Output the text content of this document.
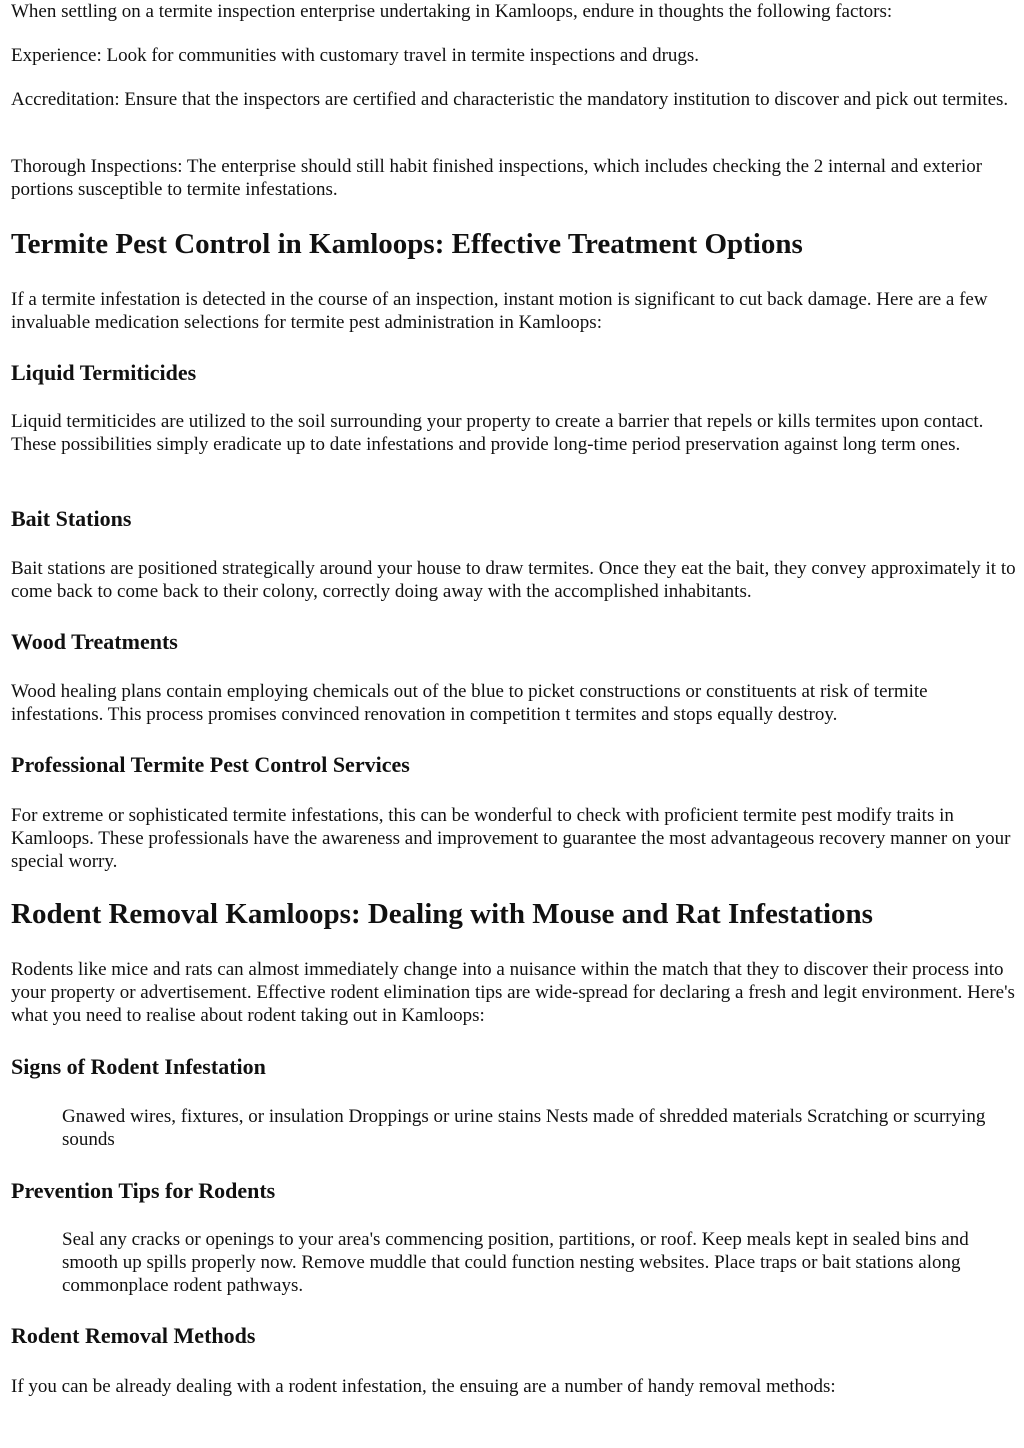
When settling on a termite inspection enterprise undertaking in Kamloops, endure in thoughts the following factors:

Experience: Look for communities with customary travel in termite inspections and drugs.

Accreditation: Ensure that the inspectors are certified and characteristic the mandatory institution to discover and pick out termites.

Thorough Inspections: The enterprise should still habit finished inspections, which includes checking the 2 internal and exterior portions susceptible to termite infestations.

Termite Pest Control in Kamloops: Effective Treatment Options

If a termite infestation is detected in the course of an inspection, instant motion is significant to cut back damage. Here are a few invaluable medication selections for termite pest administration in Kamloops:

Liquid Termiticides

Liquid termiticides are utilized to the soil surrounding your property to create a barrier that repels or kills termites upon contact. These possibilities simply eradicate up to date infestations and provide long-time period preservation against long term ones.

Bait Stations

Bait stations are positioned strategically around your house to draw termites. Once they eat the bait, they convey approximately it to come back to come back to their colony, correctly doing away with the accomplished inhabitants.

Wood Treatments

Wood healing plans contain employing chemicals out of the blue to picket constructions or constituents at risk of termite infestations. This process promises convinced renovation in competition t termites and stops equally destroy.

Professional Termite Pest Control Services

For extreme or sophisticated termite infestations, this can be wonderful to check with proficient termite pest modify traits in Kamloops. These professionals have the awareness and improvement to guarantee the most advantageous recovery manner on your special worry.

Rodent Removal Kamloops: Dealing with Mouse and Rat Infestations

Rodents like mice and rats can almost immediately change into a nuisance within the match that they to discover their process into your property or advertisement. Effective rodent elimination tips are wide-spread for declaring a fresh and legit environment. Here's what you need to realise about rodent taking out in Kamloops:

Signs of Rodent Infestation

Gnawed wires, fixtures, or insulation Droppings or urine stains Nests made of shredded materials Scratching or scurrying sounds

Prevention Tips for Rodents

Seal any cracks or openings to your area's commencing position, partitions, or roof. Keep meals kept in sealed bins and smooth up spills properly now. Remove muddle that could function nesting websites. Place traps or bait stations along commonplace rodent pathways.

Rodent Removal Methods

If you can be already dealing with a rodent infestation, the ensuing are a number of handy removal methods:
